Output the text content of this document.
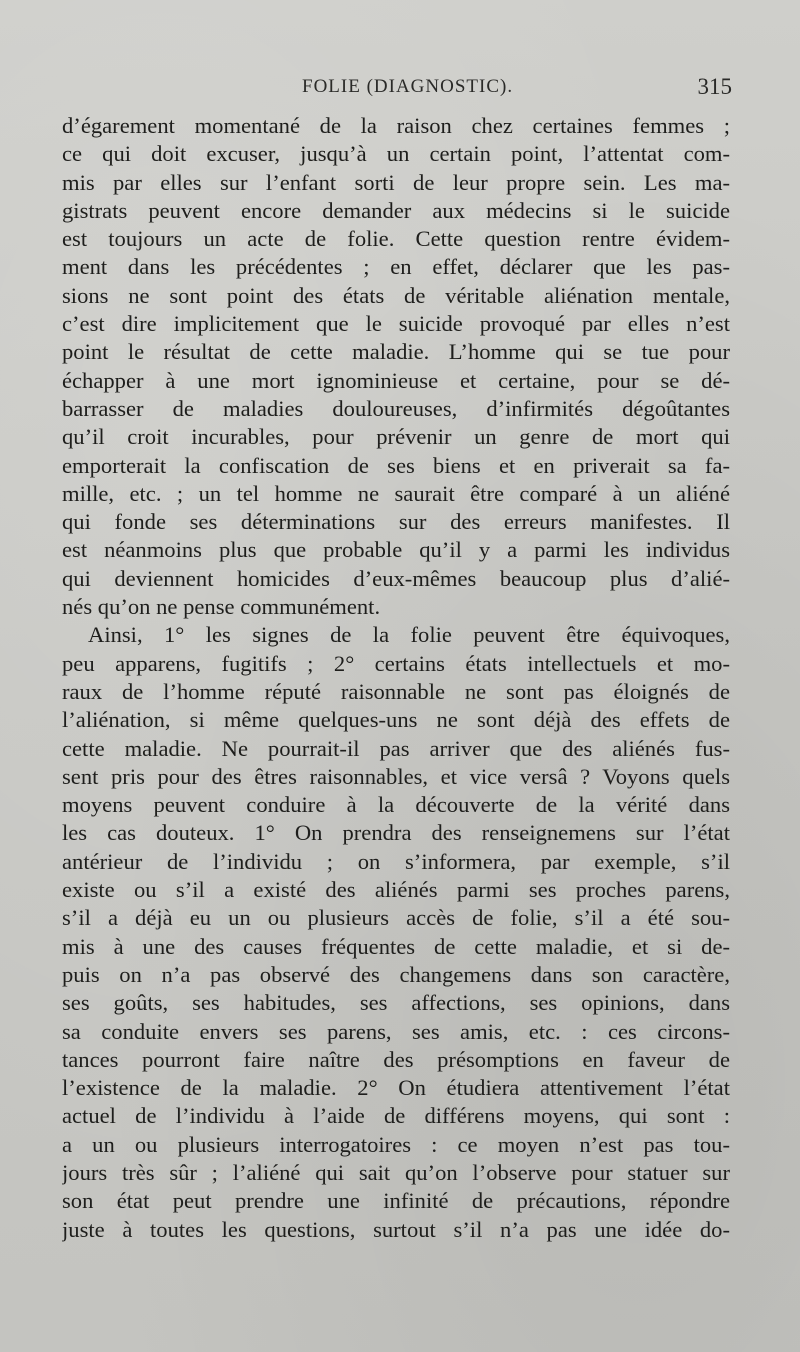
FOLIE (DIAGNOSTIC).	315
d’égarement momentané de la raison chez certaines femmes ;
ce qui doit excuser, jusqu’à un certain point, l’attentat com-
mis par elles sur l’enfant sorti de leur propre sein. Les ma-
gistrats peuvent encore demander aux médecins si le suicide
est toujours un acte de folie. Cette question rentre évidem-
ment dans les précédentes ; en effet, déclarer que les pas-
sions ne sont point des états de véritable aliénation mentale,
c’est dire implicitement que le suicide provoqué par elles n’est
point le résultat de cette maladie. L’homme qui se tue pour
échapper à une mort ignominieuse et certaine, pour se dé-
barrasser de maladies douloureuses, d’infirmités dégoûtantes
qu’il croit incurables, pour prévenir un genre de mort qui
emporterait la confiscation de ses biens et en priverait sa fa-
mille, etc. ; un tel homme ne saurait être comparé à un aliéné
qui fonde ses déterminations sur des erreurs manifestes. Il
est néanmoins plus que probable qu’il y a parmi les individus
qui deviennent homicides d’eux-mêmes beaucoup plus d’alié-
nés qu’on ne pense communément.
Ainsi, 1° les signes de la folie peuvent être équivoques,
peu apparens, fugitifs ; 2° certains états intellectuels et mo-
raux de l’homme réputé raisonnable ne sont pas éloignés de
l’aliénation, si même quelques-uns ne sont déjà des effets de
cette maladie. Ne pourrait-il pas arriver que des aliénés fus-
sent pris pour des êtres raisonnables, et vice versâ ? Voyons quels
moyens peuvent conduire à la découverte de la vérité dans
les cas douteux. 1° On prendra des renseignemens sur l’état
antérieur de l’individu ; on s’informera, par exemple, s’il
existe ou s’il a existé des aliénés parmi ses proches parens,
s’il a déjà eu un ou plusieurs accès de folie, s’il a été sou-
mis à une des causes fréquentes de cette maladie, et si de-
puis on n’a pas observé des changemens dans son caractère,
ses goûts, ses habitudes, ses affections, ses opinions, dans
sa conduite envers ses parens, ses amis, etc. : ces circons-
tances pourront faire naître des présomptions en faveur de
l’existence de la maladie. 2° On étudiera attentivement l’état
actuel de l’individu à l’aide de différens moyens, qui sont :
a un ou plusieurs interrogatoires : ce moyen n’est pas tou-
jours très sûr ; l’aliéné qui sait qu’on l’observe pour statuer sur
son état peut prendre une infinité de précautions, répondre
juste à toutes les questions, surtout s’il n’a pas une idée do-
